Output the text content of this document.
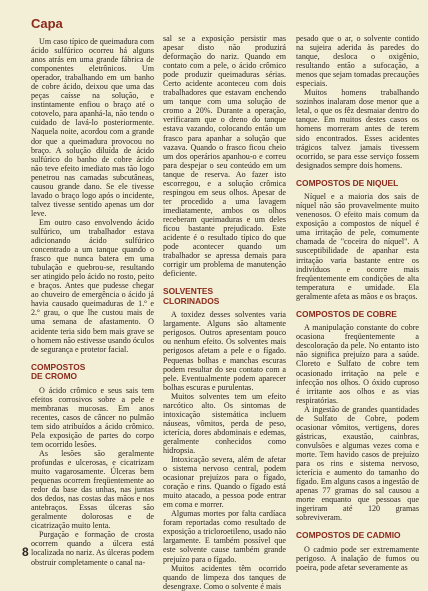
Capa

Um caso típico de queimadura com ácido sulfúrico ocorreu há alguns anos atrás em uma grande fábrica de componentes eletrônicos. Um operador, trabalhando em um banho de cobre ácido, deixou que uma das peças caísse na solução, e instintamente enfiou o braço até o cotovelo, para apanhá-la, não tendo o cuidado de lavá-lo posteriormente. Naquela noite, acordou com a grande dor que a queimadura provocou no braço. A solução diluída de ácido sulfúrico do banho de cobre ácido não teve efeito imediato mas tão logo penetrou nas camadas subcutâneas, causou grande dano. Se ele tivesse lavado o braço logo após o incidente, talvez tivesse sentido apenas um dor leve.

Em outro caso envolvendo ácido sulfúrico, um trabalhador estava adicionando ácido sulfúrico concentrado a um tanque quando o frasco que nunca batera em uma tubulação e quebrou-se, resultando ser atingido pelo ácido no rosto, peito e braços. Antes que pudesse chegar ao chuveiro de emergência o ácido já havia causado queimaduras de 1.º e 2.º grau, o que lhe custou mais de uma semana de afastamento. O acidente teria sido bem mais grave se o homem não estivesse usando óculos de segurança e protetor facial.

COMPOSTOS
DE CROMO

O ácido crômico e seus sais tem efeitos corrosivos sobre a pele e membranas mucosas. Em anos recentes, casos de câncer no pulmão tem sido atribuídos a ácido crômico. Pela exposição de partes do corpo tem ocorrido lesões.

As lesões são geralmente profundas e ulcerosas, e cicatrizam muito vagarosamente. Úlceras bem pequenas ocorrem freqüentemente ao redor da base das unhas, nas juntas dos dedos, nas costas das mãos e nos antebraços. Essas úlceras são geralmente dolorosas e de cicatrização muito lenta.

Purgação e formação de crosta ocorrem quando a úlcera está localizada no nariz. As úlceras podem obstruir completamente o canal na-

sal se a exposição persistir mas apesar disto não produzirá deformação do nariz. Quando em contato com a pele, o ácido crômico pode produzir queimaduras sérias. Certo acidente aconteceu com dois trabalhadores que estavam enchendo um tanque com uma solução de cromo a 20%. Durante a operação, verificaram que o dreno do tanque estava vazando, colocando então um frasco para apanhar a solução que vazava. Quando o frasco ficou cheio um dos operários apanhou-o e correu para despejar o seu conteúdo em um tanque de reserva. Ao fazer isto escorregou, e a solução crômica respingou em seus olhos. Apesar de ter procedido a uma lavagem imediatamente, ambos os olhos receberam queimaduras e um deles ficou bastante prejudicado. Este acidente é o resultado típico do que pode acontecer quando um trabalhador se apressa demais para corrigir um problema de manutenção deficiente.

SOLVENTES
CLORINADOS

A toxidez desses solventes varia largamente. Alguns são altamente perigosos. Outros apresentam pouco ou nenhum efeito. Os solventes mais perigosos afetam a pele e o fígado. Pequenas bolhas e manchas escuras podem resultar do seu contato com a pele. Eventualmente podem aparecer bolhas escuras e purulentas.

Muitos solventes tem um efeito narcótico alto. Os sintomas de intoxicação sistemática incluem náuseas, vômitos, perda de peso, icterícia, dores abdominais e edemas, geralmente conhecidos como hidropsia.

Intoxicação severa, além de afetar o sistema nervoso central, podem ocasionar prejuízos para o fígado, coração e rins. Quando o fígado está muito atacado, a pessoa pode entrar em coma e morrer.

Algumas mortes por falta cardíaca foram reportadas como resultado de exposição a tricloroetileno, usado não largamente. E também possível que este solvente cause também grande prejuízo para o fígado.

Muitos acidentes têm ocorrido quando de limpeza dos tanques de desengraxe. Como o solvente é mais

pesado que o ar, o solvente contido na sujeira aderida às paredes do tanque, desloca o oxigênio, resultando então a sufocação, a menos que sejam tomadas precauções especiais.

Muitos homens trabalhando sozinhos inalaram dose menor que a letal, o que os fêz desmaiar dentro do tanque. Em muitos destes casos os homens morreram antes de terem sido encontrados. Esses acidentes trágicos talvez jamais tivessem ocorrido, se para esse serviço fossem designados sempre dois homens.

COMPOSTOS DE NIQUEL

Níquel e a maioria dos sais de níquel não são provavelmente muito venenosos. O efeito mais comum da exposição a compostos de níquel é uma irritação de pele, comumente chamada de "coceira do níquel". A susceptibilidade de apanhar esta irritação varia bastante entre os indivíduos e ocorre mais freqüentemente em condições de alta temperatura e umidade. Ela geralmente afeta as mãos e os braços.

COMPOSTOS DE COBRE

A manipulação constante do cobre ocasiona freqüentemente a descoloração da pele. No entanto isto não significa prejuízo para a saúde. Cloreto e Sulfato de cobre tem ocasionado irritação na pele e infecção nos olhos. O óxido cuproso é irritante aos olhos e as vias respiratórias.

A ingestão de grandes quantidades de Sulfato de Cobre, podem ocasionar vômitos, vertigens, dores gástricas, exaustão, cainbras, convulsões e algumas vezes coma e morte. Tem havido casos de prejuízo para os rins e sistema nervoso, icterícia e aumento do tamanho do fígado. Em alguns casos a ingestão de apenas 77 gramas do sal causou a morte enquanto que pessoas que ingeriram até 120 gramas sobreviveram.

COMPOSTOS DE CADMIO

O cadmio pode ser extremamente perigoso. A inalação de fumos ou poeira, pode afetar severamente as

8
